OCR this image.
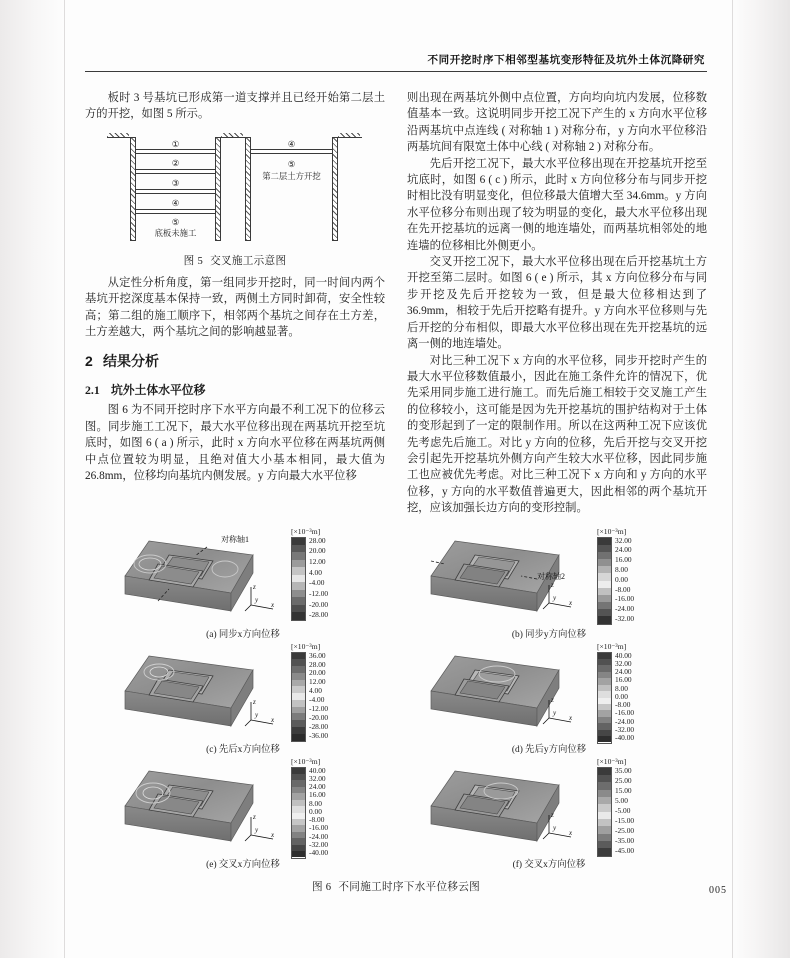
不同开挖时序下相邻型基坑变形特征及坑外土体沉降研究

板时 3 号基坑已形成第一道支撑并且已经开始第二层土方的开挖，如图 5 所示。

①
②
③
④
⑤
底板未施工
④
⑤
第二层土方开挖
图 5 交叉施工示意图

从定性分析角度，第一组同步开挖时，同一时间内两个基坑开挖深度基本保持一致，两侧土方同时卸荷，安全性较高；第二组的施工顺序下，相邻两个基坑之间存在土方差，土方差越大，两个基坑之间的影响越显著。

2 结果分析
2.1 坑外土体水平位移

图 6 为不同开挖时序下水平方向最不利工况下的位移云图。同步施工工况下，最大水平位移出现在两基坑开挖至坑底时，如图 6 ( a ) 所示，此时 x 方向水平位移在两基坑两侧中点位置较为明显，且绝对值大小基本相同，最大值为 26.8mm，位移均向基坑内侧发展。y 方向最大水平位移

则出现在两基坑外侧中点位置，方向均向坑内发展，位移数值基本一致。这说明同步开挖工况下产生的 x 方向水平位移沿两基坑中点连线 ( 对称轴 1 ) 对称分布，y 方向水平位移沿两基坑间有限宽土体中心线 ( 对称轴 2 ) 对称分布。

先后开挖工况下，最大水平位移出现在开挖基坑开挖至坑底时，如图 6 ( c ) 所示，此时 x 方向位移分布与同步开挖时相比没有明显变化，但位移最大值增大至 34.6mm。y 方向水平位移分布则出现了较为明显的变化，最大水平位移出现在先开挖基坑的远离一侧的地连墙处，而两基坑相邻处的地连墙的位移相比外侧更小。

交叉开挖工况下，最大水平位移出现在后开挖基坑土方开挖至第二层时。如图 6 ( e ) 所示，其 x 方向位移分布与同步开挖及先后开挖较为一致，但是最大位移相达到了 36.9mm，相较于先后开挖略有提升。y 方向水平位移则与先后开挖的分布相似，即最大水平位移出现在先开挖基坑的远离一侧的地连墙处。

对比三种工况下 x 方向的水平位移，同步开挖时产生的最大水平位移数值最小，因此在施工条件允许的情况下，优先采用同步施工进行施工。而先后施工相较于交叉施工产生的位移较小，这可能是因为先开挖基坑的围护结构对于土体的变形起到了一定的限制作用。所以在这两种工况下应该优先考虑先后施工。对比 y 方向的位移，先后开挖与交叉开挖会引起先开挖基坑外侧方向产生较大水平位移，因此同步施工也应被优先考虑。对比三种工况下 x 方向和 y 方向的水平位移，y 方向的水平数值普遍更大，因此相邻的两个基坑开挖，应该加强长边方向的变形控制。

对称轴1
z
y
x
[×10⁻³m]
28.00
20.00
12.00
4.00
-4.00
-12.00
-20.00
-28.00
(a) 同步x方向位移
对称轴2
z
y
x
[×10⁻³m]
32.00
24.00
16.00
8.00
0.00
-8.00
-16.00
-24.00
-32.00
(b) 同步y方向位移
z
y
x
[×10⁻³m]
36.00
28.00
20.00
12.00
4.00
-4.00
-12.00
-20.00
-28.00
-36.00
(c) 先后x方向位移
z
y
x
[×10⁻³m]
40.00
32.00
24.00
16.00
8.00
0.00
-8.00
-16.00
-24.00
-32.00
-40.00
(d) 先后y方向位移
z
y
x
[×10⁻³m]
40.00
32.00
24.00
16.00
8.00
0.00
-8.00
-16.00
-24.00
-32.00
-40.00
(e) 交叉x方向位移
z
y
x
[×10⁻³m]
35.00
25.00
15.00
5.00
-5.00
-15.00
-25.00
-35.00
-45.00
(f) 交叉x方向位移
图 6 不同施工时序下水平位移云图	005
